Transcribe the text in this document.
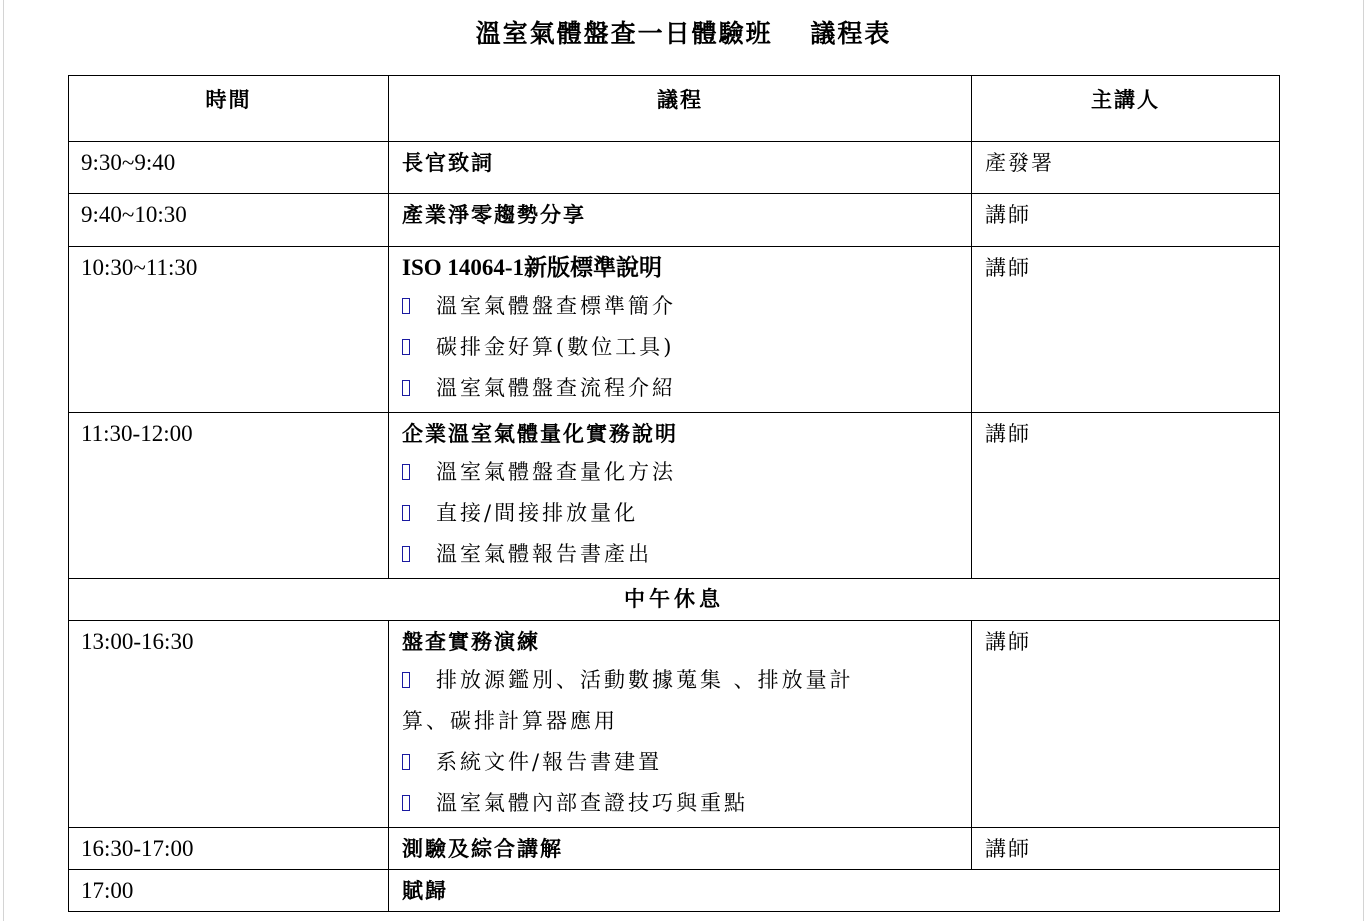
溫室氣體盤查一日體驗班　 議程表
時間	議程	主講人
9:30~9:40	長官致詞	產發署
9:40~10:30	產業淨零趨勢分享	講師
10:30~11:30	ISO 14064-1新版標準說明
溫室氣體盤查標準簡介
碳排金好算(數位工具)
溫室氣體盤查流程介紹	講師
11:30-12:00	企業溫室氣體量化實務說明
溫室氣體盤查量化方法
直接/間接排放量化
溫室氣體報告書產出	講師
中午休息		
13:00-16:30	盤查實務演練
排放源鑑別、活動數據蒐集 、排放量計
算、碳排計算器應用
系統文件/報告書建置
溫室氣體內部查證技巧與重點	講師
16:30-17:00	測驗及綜合講解	講師
17:00	賦歸	
